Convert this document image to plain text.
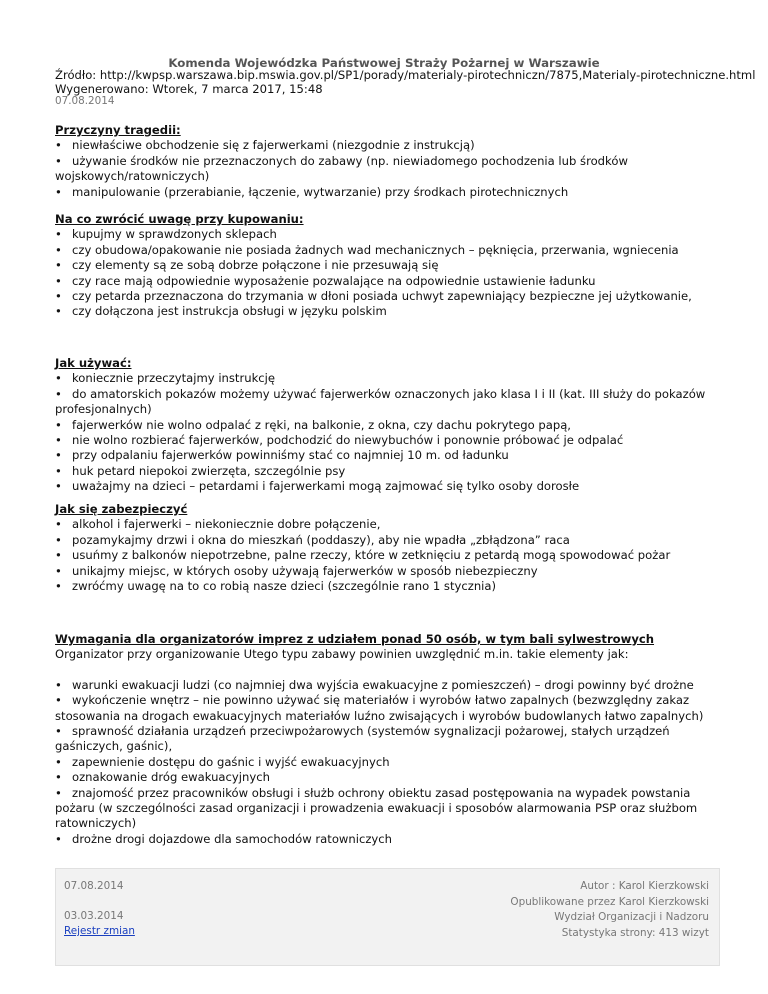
Komenda Wojewódzka Państwowej Straży Pożarnej w Warszawie
Źródło: http://kwpsp.warszawa.bip.mswia.gov.pl/SP1/porady/materialy-pirotechniczn/7875,Materialy-pirotechniczne.html
Wygenerowano: Wtorek, 7 marca 2017, 15:48
07.08.2014
Przyczyny tragedii:
• niewłaściwe obchodzenie się z fajerwerkami (niezgodnie z instrukcją)
• używanie środków nie przeznaczonych do zabawy (np. niewiadomego pochodzenia lub środków wojskowych/ratowniczych)
• manipulowanie (przerabianie, łączenie, wytwarzanie) przy środkach pirotechnicznych
Na co zwrócić uwagę przy kupowaniu:
• kupujmy w sprawdzonych sklepach
• czy obudowa/opakowanie nie posiada żadnych wad mechanicznych – pęknięcia, przerwania, wgniecenia
• czy elementy są ze sobą dobrze połączone i nie przesuwają się
• czy race mają odpowiednie wyposażenie pozwalające na odpowiednie ustawienie ładunku
• czy petarda przeznaczona do trzymania w dłoni posiada uchwyt zapewniający bezpieczne jej użytkowanie,
• czy dołączona jest instrukcja obsługi w języku polskim
Jak używać:
• koniecznie przeczytajmy instrukcję
• do amatorskich pokazów możemy używać fajerwerków oznaczonych jako klasa I i II (kat. III służy do pokazów profesjonalnych)
• fajerwerków nie wolno odpalać z ręki, na balkonie, z okna, czy dachu pokrytego papą,
• nie wolno rozbierać fajerwerków, podchodzić do niewybuchów i ponownie próbować je odpalać
• przy odpalaniu fajerwerków powinniśmy stać co najmniej 10 m. od ładunku
• huk petard niepokoi zwierzęta, szczególnie psy
• uważajmy na dzieci – petardami i fajerwerkami mogą zajmować się tylko osoby dorosłe
Jak się zabezpieczyć
• alkohol i fajerwerki – niekoniecznie dobre połączenie,
• pozamykajmy drzwi i okna do mieszkań (poddaszy), aby nie wpadła „zbłądzona” raca
• usuńmy z balkonów niepotrzebne, palne rzeczy, które w zetknięciu z petardą mogą spowodować pożar
• unikajmy miejsc, w których osoby używają fajerwerków w sposób niebezpieczny
• zwróćmy uwagę na to co robią nasze dzieci (szczególnie rano 1 stycznia)
Wymagania dla organizatorów imprez z udziałem ponad 50 osób, w tym bali sylwestrowych
Organizator przy organizowanie Utego typu zabawy powinien uwzględnić m.in. takie elementy jak:
• warunki ewakuacji ludzi (co najmniej dwa wyjścia ewakuacyjne z pomieszczeń) – drogi powinny być drożne
• wykończenie wnętrz – nie powinno używać się materiałów i wyrobów łatwo zapalnych (bezwzględny zakaz stosowania na drogach ewakuacyjnych materiałów luźno zwisających i wyrobów budowlanych łatwo zapalnych)
• sprawność działania urządzeń przeciwpożarowych (systemów sygnalizacji pożarowej, stałych urządzeń gaśniczych, gaśnic),
• zapewnienie dostępu do gaśnic i wyjść ewakuacyjnych
• oznakowanie dróg ewakuacyjnych
• znajomość przez pracowników obsługi i służb ochrony obiektu zasad postępowania na wypadek powstania pożaru (w szczególności zasad organizacji i prowadzenia ewakuacji i sposobów alarmowania PSP oraz służbom ratowniczych)
• drożne drogi dojazdowe dla samochodów ratowniczych
07.08.2014
03.03.2014
Rejestr zmian
Autor : Karol Kierzkowski
Opublikowane przez Karol Kierzkowski
Wydział Organizacji i Nadzoru
Statystyka strony: 413 wizyt
